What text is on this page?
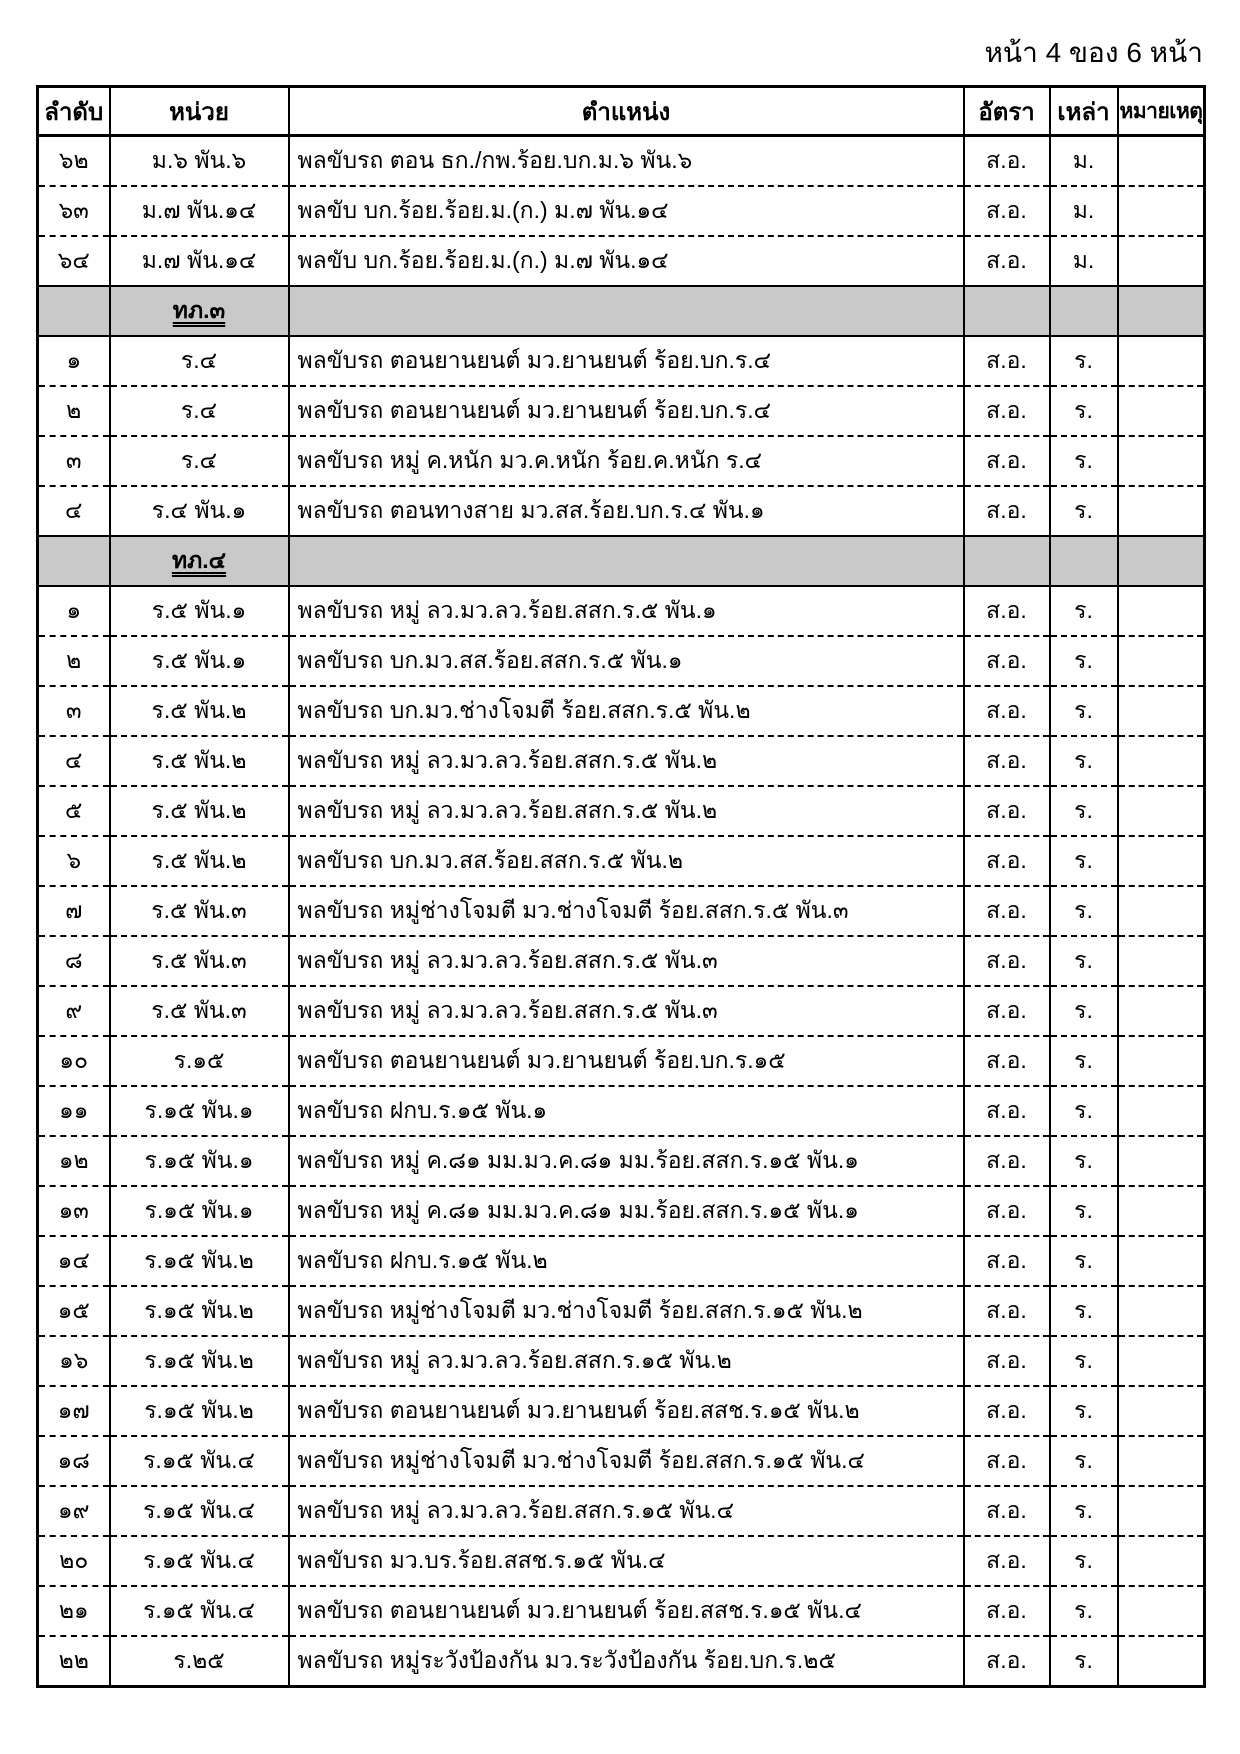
หน้า 4 ของ 6 หน้า
ลำดับ	หน่วย	ตำแหน่ง	อัตรา	เหล่า	หมายเหตุ
๖๒	ม.๖ พัน.๖	พลขับรถ ตอน ธก./กพ.ร้อย.บก.ม.๖ พัน.๖	ส.อ.	ม.	
๖๓	ม.๗ พัน.๑๔	พลขับ บก.ร้อย.ร้อย.ม.(ก.) ม.๗ พัน.๑๔	ส.อ.	ม.	
๖๔	ม.๗ พัน.๑๔	พลขับ บก.ร้อย.ร้อย.ม.(ก.) ม.๗ พัน.๑๔	ส.อ.	ม.	
	ทภ.๓				
๑	ร.๔	พลขับรถ ตอนยานยนต์ มว.ยานยนต์ ร้อย.บก.ร.๔	ส.อ.	ร.	
๒	ร.๔	พลขับรถ ตอนยานยนต์ มว.ยานยนต์ ร้อย.บก.ร.๔	ส.อ.	ร.	
๓	ร.๔	พลขับรถ หมู่ ค.หนัก มว.ค.หนัก ร้อย.ค.หนัก ร.๔	ส.อ.	ร.	
๔	ร.๔ พัน.๑	พลขับรถ ตอนทางสาย มว.สส.ร้อย.บก.ร.๔ พัน.๑	ส.อ.	ร.	
	ทภ.๔				
๑	ร.๕ พัน.๑	พลขับรถ หมู่ ลว.มว.ลว.ร้อย.สสก.ร.๕ พัน.๑	ส.อ.	ร.	
๒	ร.๕ พัน.๑	พลขับรถ บก.มว.สส.ร้อย.สสก.ร.๕ พัน.๑	ส.อ.	ร.	
๓	ร.๕ พัน.๒	พลขับรถ บก.มว.ช่างโจมตี ร้อย.สสก.ร.๕ พัน.๒	ส.อ.	ร.	
๔	ร.๕ พัน.๒	พลขับรถ หมู่ ลว.มว.ลว.ร้อย.สสก.ร.๕ พัน.๒	ส.อ.	ร.	
๕	ร.๕ พัน.๒	พลขับรถ หมู่ ลว.มว.ลว.ร้อย.สสก.ร.๕ พัน.๒	ส.อ.	ร.	
๖	ร.๕ พัน.๒	พลขับรถ บก.มว.สส.ร้อย.สสก.ร.๕ พัน.๒	ส.อ.	ร.	
๗	ร.๕ พัน.๓	พลขับรถ หมู่ช่างโจมตี มว.ช่างโจมตี ร้อย.สสก.ร.๕ พัน.๓	ส.อ.	ร.	
๘	ร.๕ พัน.๓	พลขับรถ หมู่ ลว.มว.ลว.ร้อย.สสก.ร.๕ พัน.๓	ส.อ.	ร.	
๙	ร.๕ พัน.๓	พลขับรถ หมู่ ลว.มว.ลว.ร้อย.สสก.ร.๕ พัน.๓	ส.อ.	ร.	
๑๐	ร.๑๕	พลขับรถ ตอนยานยนต์ มว.ยานยนต์ ร้อย.บก.ร.๑๕	ส.อ.	ร.	
๑๑	ร.๑๕ พัน.๑	พลขับรถ ฝกบ.ร.๑๕ พัน.๑	ส.อ.	ร.	
๑๒	ร.๑๕ พัน.๑	พลขับรถ หมู่ ค.๘๑ มม.มว.ค.๘๑ มม.ร้อย.สสก.ร.๑๕ พัน.๑	ส.อ.	ร.	
๑๓	ร.๑๕ พัน.๑	พลขับรถ หมู่ ค.๘๑ มม.มว.ค.๘๑ มม.ร้อย.สสก.ร.๑๕ พัน.๑	ส.อ.	ร.	
๑๔	ร.๑๕ พัน.๒	พลขับรถ ฝกบ.ร.๑๕ พัน.๒	ส.อ.	ร.	
๑๕	ร.๑๕ พัน.๒	พลขับรถ หมู่ช่างโจมตี มว.ช่างโจมตี ร้อย.สสก.ร.๑๕ พัน.๒	ส.อ.	ร.	
๑๖	ร.๑๕ พัน.๒	พลขับรถ หมู่ ลว.มว.ลว.ร้อย.สสก.ร.๑๕ พัน.๒	ส.อ.	ร.	
๑๗	ร.๑๕ พัน.๒	พลขับรถ ตอนยานยนต์ มว.ยานยนต์ ร้อย.สสช.ร.๑๕ พัน.๒	ส.อ.	ร.	
๑๘	ร.๑๕ พัน.๔	พลขับรถ หมู่ช่างโจมตี มว.ช่างโจมตี ร้อย.สสก.ร.๑๕ พัน.๔	ส.อ.	ร.	
๑๙	ร.๑๕ พัน.๔	พลขับรถ หมู่ ลว.มว.ลว.ร้อย.สสก.ร.๑๕ พัน.๔	ส.อ.	ร.	
๒๐	ร.๑๕ พัน.๔	พลขับรถ มว.บร.ร้อย.สสช.ร.๑๕ พัน.๔	ส.อ.	ร.	
๒๑	ร.๑๕ พัน.๔	พลขับรถ ตอนยานยนต์ มว.ยานยนต์ ร้อย.สสช.ร.๑๕ พัน.๔	ส.อ.	ร.	
๒๒	ร.๒๕	พลขับรถ หมู่ระวังป้องกัน มว.ระวังป้องกัน ร้อย.บก.ร.๒๕	ส.อ.	ร.	
